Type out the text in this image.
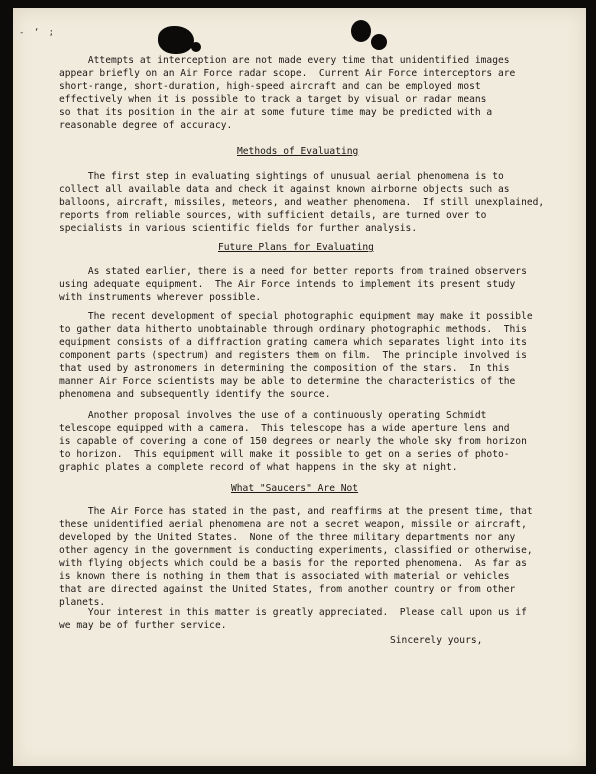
- ‘ ;
Attempts at interception are not made every time that unidentified images
appear briefly on an Air Force radar scope.  Current Air Force interceptors are
short-range, short-duration, high-speed aircraft and can be employed most
effectively when it is possible to track a target by visual or radar means
so that its position in the air at some future time may be predicted with a
reasonable degree of accuracy.
Methods of Evaluating
The first step in evaluating sightings of unusual aerial phenomena is to
collect all available data and check it against known airborne objects such as
balloons, aircraft, missiles, meteors, and weather phenomena.  If still unexplained,
reports from reliable sources, with sufficient details, are turned over to
specialists in various scientific fields for further analysis.
Future Plans for Evaluating
As stated earlier, there is a need for better reports from trained observers
using adequate equipment.  The Air Force intends to implement its present study
with instruments wherever possible.
The recent development of special photographic equipment may make it possible
to gather data hitherto unobtainable through ordinary photographic methods.  This
equipment consists of a diffraction grating camera which separates light into its
component parts (spectrum) and registers them on film.  The principle involved is
that used by astronomers in determining the composition of the stars.  In this
manner Air Force scientists may be able to determine the characteristics of the
phenomena and subsequently identify the source.
Another proposal involves the use of a continuously operating Schmidt
telescope equipped with a camera.  This telescope has a wide aperture lens and
is capable of covering a cone of 150 degrees or nearly the whole sky from horizon
to horizon.  This equipment will make it possible to get on a series of photo-
graphic plates a complete record of what happens in the sky at night.
What "Saucers" Are Not
The Air Force has stated in the past, and reaffirms at the present time, that
these unidentified aerial phenomena are not a secret weapon, missile or aircraft,
developed by the United States.  None of the three military departments nor any
other agency in the government is conducting experiments, classified or otherwise,
with flying objects which could be a basis for the reported phenomena.  As far as
is known there is nothing in them that is associated with material or vehicles
that are directed against the United States, from another country or from other
planets.
Your interest in this matter is greatly appreciated.  Please call upon us if
we may be of further service.
Sincerely yours,
